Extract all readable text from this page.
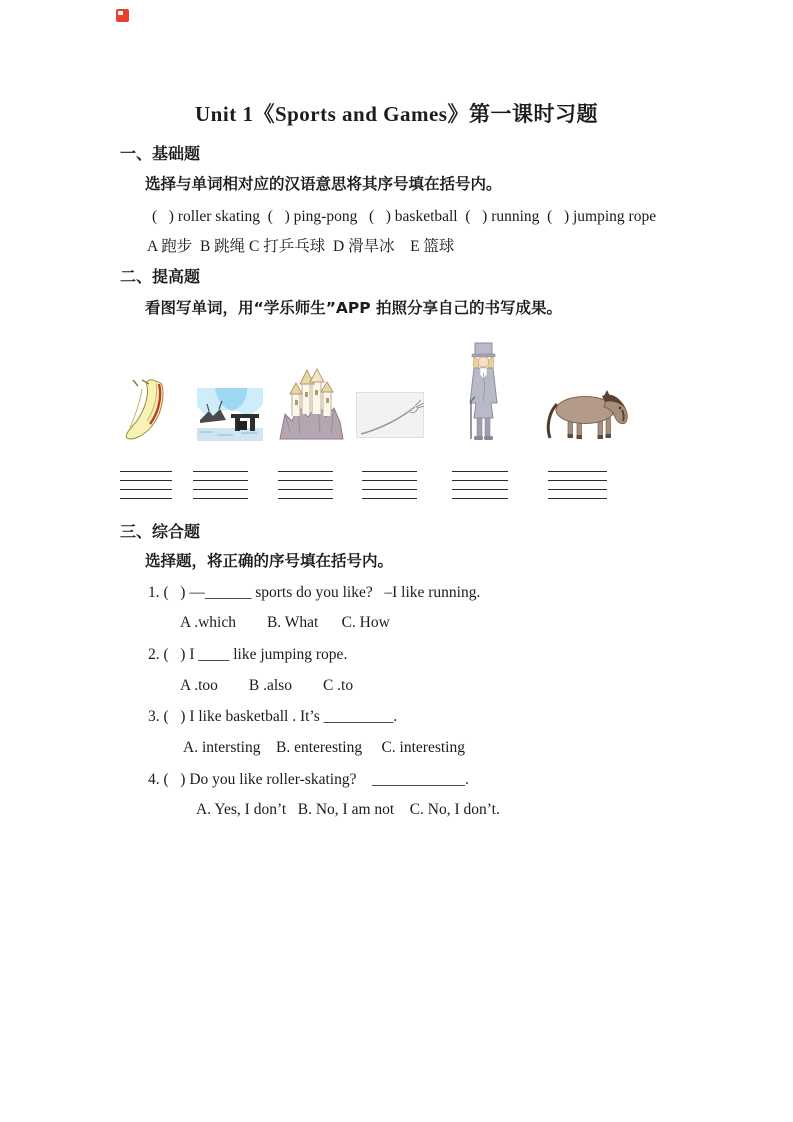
Unit 1《Sports and Games》第一课时习题
一、基础题
选择与单词相对应的汉语意思将其序号填在括号内。
(   ) roller skating  (   ) ping-pong   (   ) basketball  (   ) running  (   ) jumping rope
A 跑步  B 跳绳 C 打乒乓球  D 滑旱冰    E 篮球
二、提高题
看图写单词，用“学乐师生”APP 拍照分享自己的书写成果。
三、综合题
选择题，将正确的序号填在括号内。
1. (   ) —______ sports do you like?   –I like running.
A .which        B. What      C. How
2. (   ) I ____ like jumping rope.
A .too        B .also        C .to
3. (   ) I like basketball . It’s _________.
A. intersting    B. enteresting     C. interesting
4. (   ) Do you like roller-skating?    ____________.
A. Yes, I don’t   B. No, I am not    C. No, I don’t.
